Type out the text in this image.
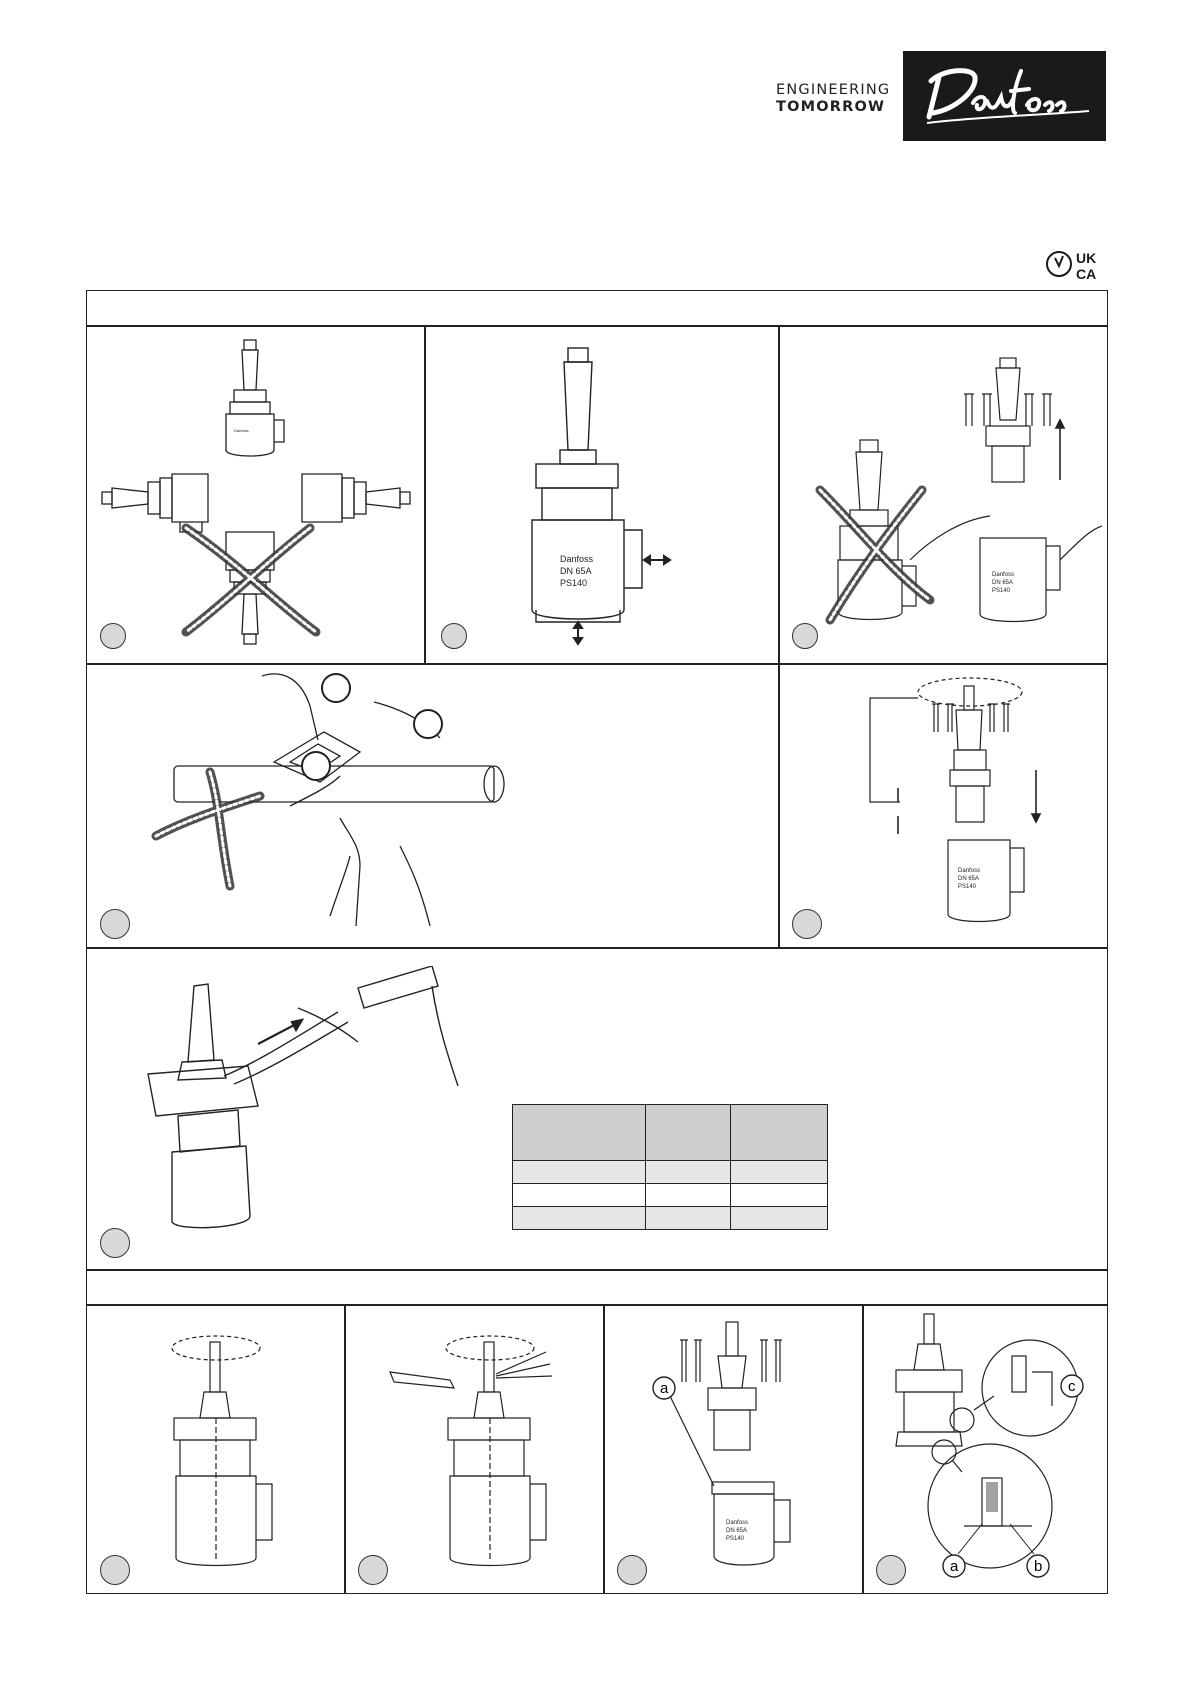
ENGINEERING
TOMORROW
UK
CA
Danfoss
Danfoss
DN 65A
PS140
Danfoss
DN 65A
PS140
Danfoss
DN 65A
PS140

a
Danfoss
DN 65A
PS140
c
a	b
